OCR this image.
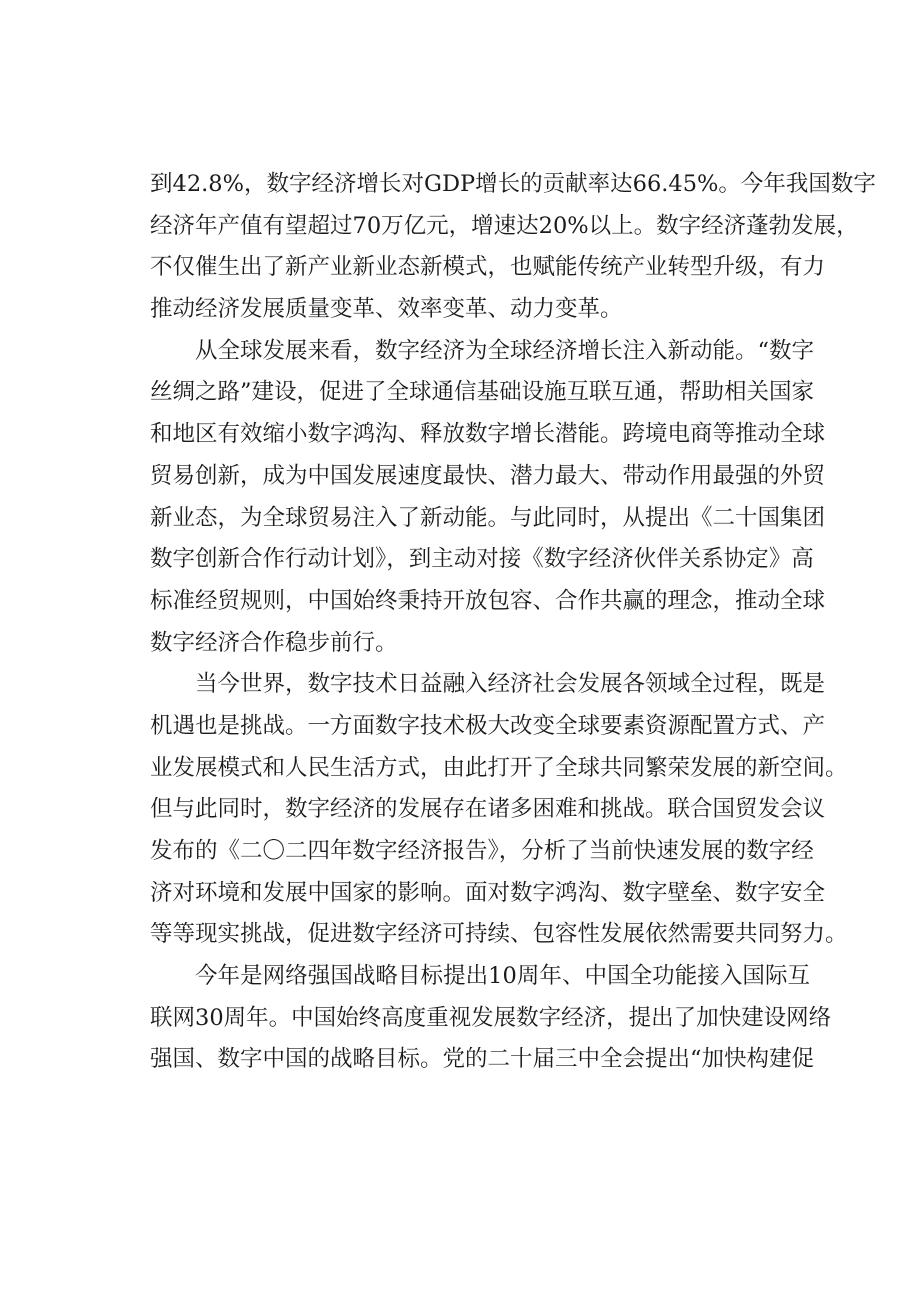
到42.8%，数字经济增长对GDP增长的贡献率达66.45%。今年我国数字
经济年产值有望超过70万亿元，增速达20%以上。数字经济蓬勃发展，
不仅催生出了新产业新业态新模式，也赋能传统产业转型升级，有力
推动经济发展质量变革、效率变革、动力变革。

从全球发展来看，数字经济为全球经济增长注入新动能。“数字
丝绸之路”建设，促进了全球通信基础设施互联互通，帮助相关国家
和地区有效缩小数字鸿沟、释放数字增长潜能。跨境电商等推动全球
贸易创新，成为中国发展速度最快、潜力最大、带动作用最强的外贸
新业态，为全球贸易注入了新动能。与此同时，从提出《二十国集团
数字创新合作行动计划》，到主动对接《数字经济伙伴关系协定》高
标准经贸规则，中国始终秉持开放包容、合作共赢的理念，推动全球
数字经济合作稳步前行。

当今世界，数字技术日益融入经济社会发展各领域全过程，既是
机遇也是挑战。一方面数字技术极大改变全球要素资源配置方式、产
业发展模式和人民生活方式，由此打开了全球共同繁荣发展的新空间。
但与此同时，数字经济的发展存在诸多困难和挑战。联合国贸发会议
发布的《二〇二四年数字经济报告》，分析了当前快速发展的数字经
济对环境和发展中国家的影响。面对数字鸿沟、数字壁垒、数字安全
等等现实挑战，促进数字经济可持续、包容性发展依然需要共同努力。

今年是网络强国战略目标提出10周年、中国全功能接入国际互
联网30周年。中国始终高度重视发展数字经济，提出了加快建设网络
强国、数字中国的战略目标。党的二十届三中全会提出“加快构建促
